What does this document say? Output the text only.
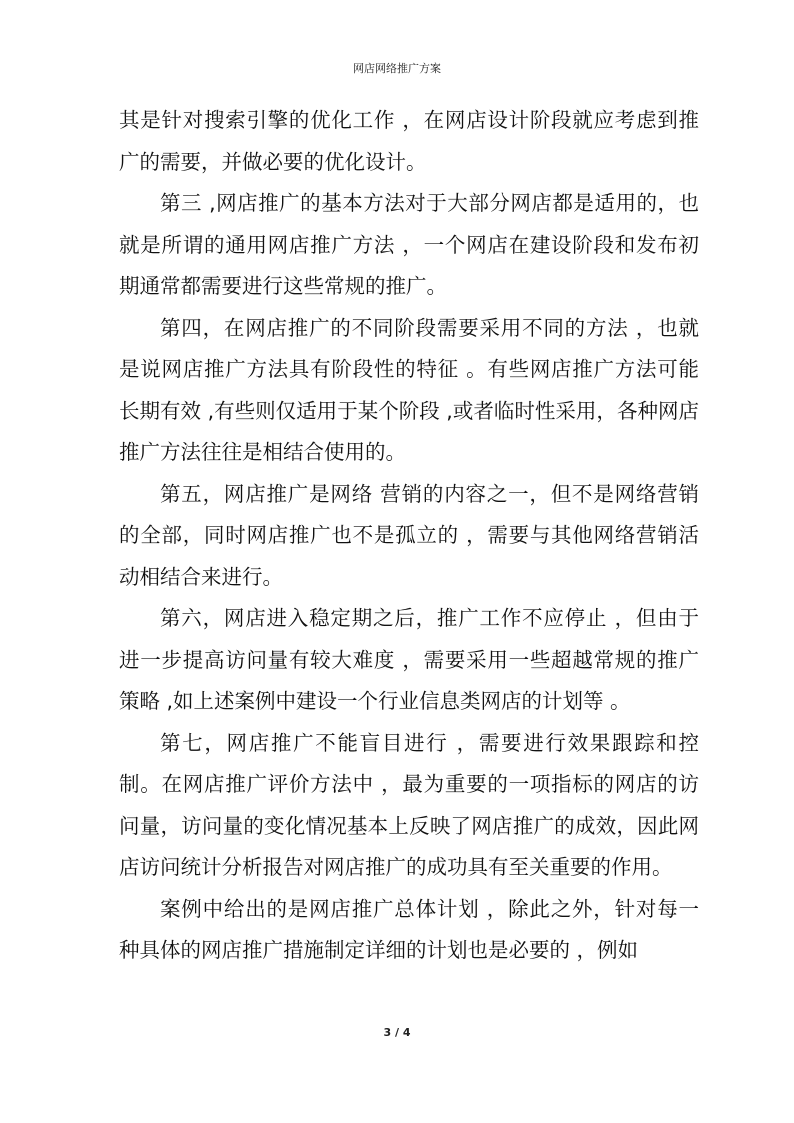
网店网络推广方案

其是针对搜索引擎的优化工作 ，在网店设计阶段就应考虑到推广的需要，并做必要的优化设计。

第三 ,网店推广的基本方法对于大部分网店都是适用的，也就是所谓的通用网店推广方法 ，一个网店在建设阶段和发布初期通常都需要进行这些常规的推广。

第四，在网店推广的不同阶段需要采用不同的方法 ，也就是说网店推广方法具有阶段性的特征 。有些网店推广方法可能长期有效 ,有些则仅适用于某个阶段 ,或者临时性采用，各种网店推广方法往往是相结合使用的。

第五，网店推广是网络 营销的内容之一，但不是网络营销的全部，同时网店推广也不是孤立的 ，需要与其他网络营销活动相结合来进行。

第六，网店进入稳定期之后，推广工作不应停止 ，但由于进一步提高访问量有较大难度 ，需要采用一些超越常规的推广策略 ,如上述案例中建设一个行业信息类网店的计划等 。

第七，网店推广不能盲目进行 ，需要进行效果跟踪和控制。在网店推广评价方法中 ，最为重要的一项指标的网店的访问量，访问量的变化情况基本上反映了网店推广的成效，因此网店访问统计分析报告对网店推广的成功具有至关重要的作用。

案例中给出的是网店推广总体计划 ，除此之外，针对每一种具体的网店推广措施制定详细的计划也是必要的 ，例如

3 / 4
